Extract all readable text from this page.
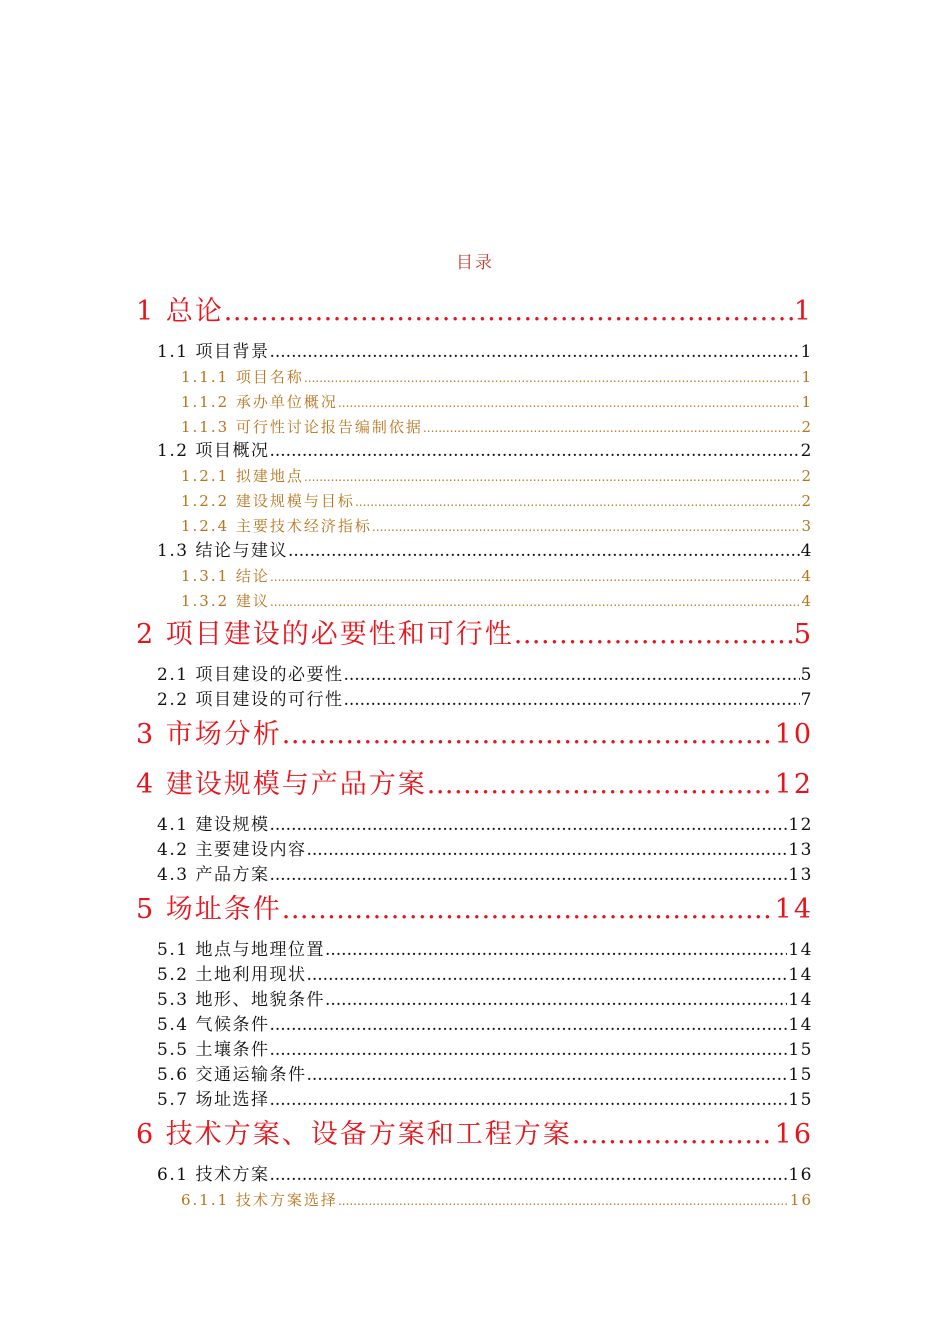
目录
1 总论 .....	1
1.1 项目背景 .....	1
1.1.1 项目名称 .....	1
1.1.2 承办单位概况 .....	1
1.1.3 可行性讨论报告编制依据 .....	2
1.2 项目概况 .....	2
1.2.1 拟建地点 .....	2
1.2.2 建设规模与目标 .....	2
1.2.4 主要技术经济指标 .....	3
1.3 结论与建议 .....	4
1.3.1 结论 .....	4
1.3.2 建议 .....	4
2 项目建设的必要性和可行性 .....	5
2.1 项目建设的必要性 .....	5
2.2 项目建设的可行性 .....	7
3 市场分析 .....	10
4 建设规模与产品方案 .....	12
4.1 建设规模 .....	12
4.2 主要建设内容 .....	13
4.3 产品方案 .....	13
5 场址条件 .....	14
5.1 地点与地理位置 .....	14
5.2 土地利用现状 .....	14
5.3 地形、地貌条件 .....	14
5.4 气候条件 .....	14
5.5 土壤条件 .....	15
5.6 交通运输条件 .....	15
5.7 场址选择 .....	15
6 技术方案、设备方案和工程方案 .....	16
6.1 技术方案 .....	16
6.1.1 技术方案选择 .....	16
